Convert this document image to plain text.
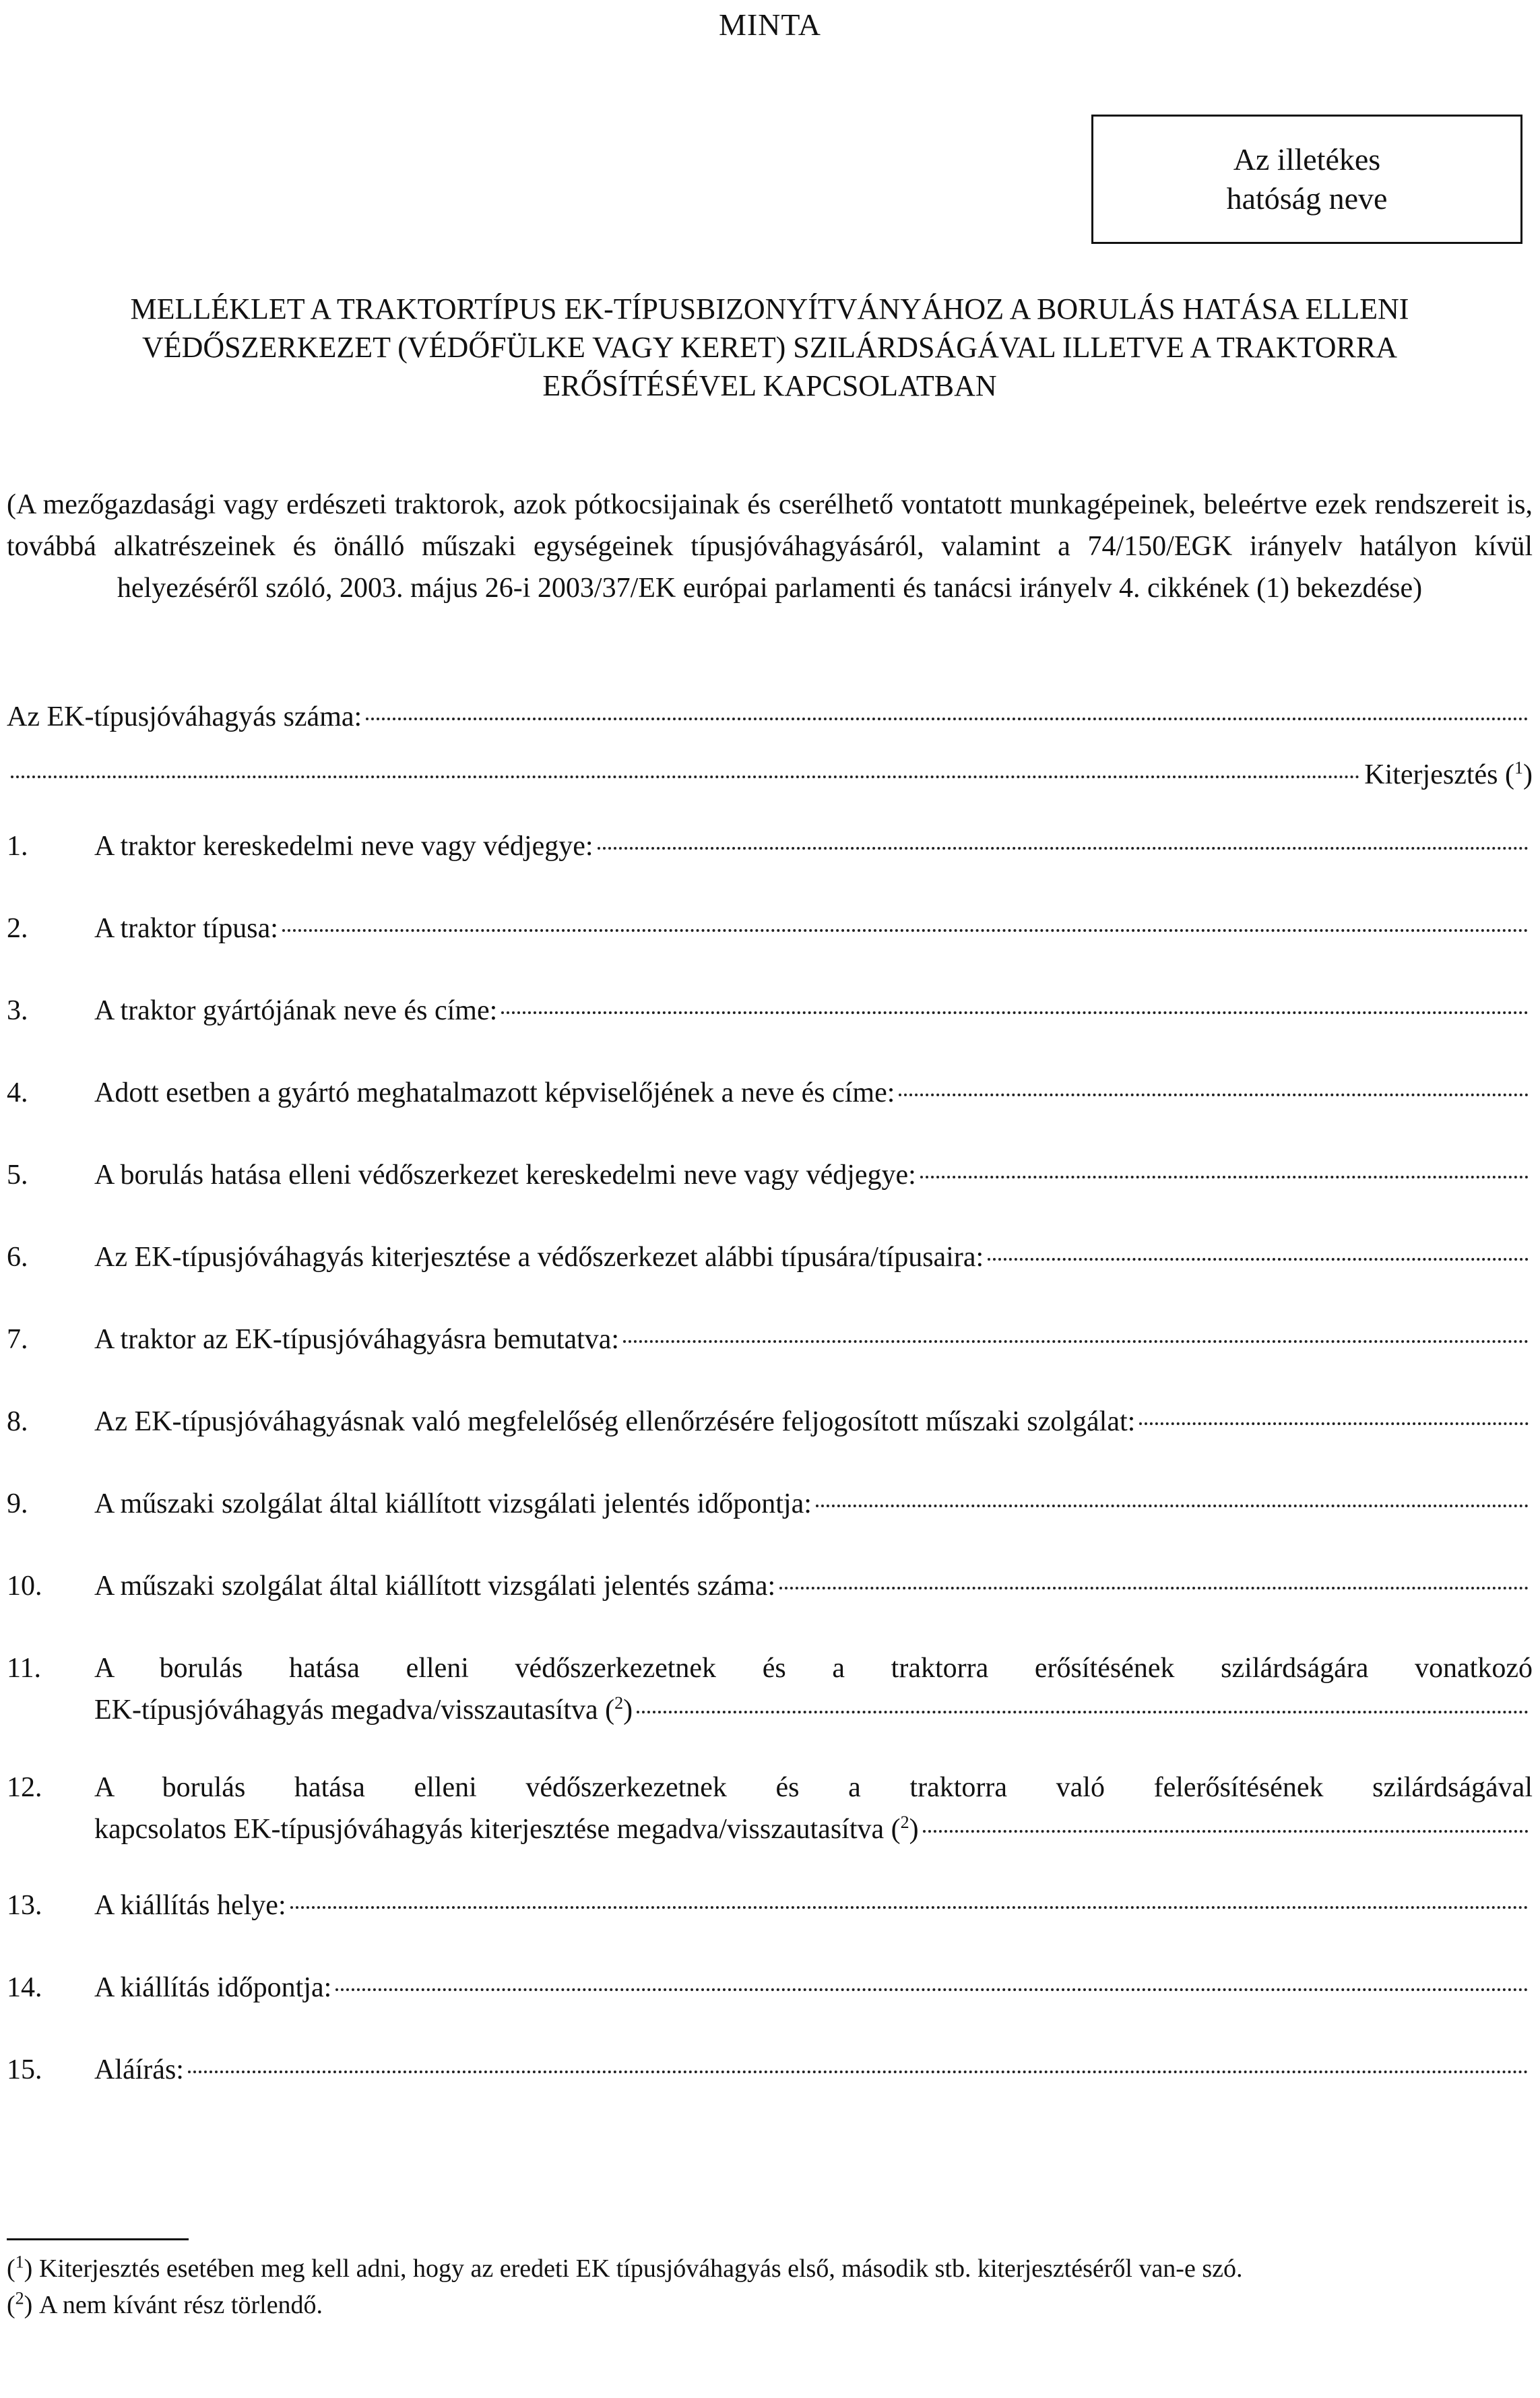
MINTA
Az illetékes
hatóság neve
MELLÉKLET A TRAKTORTÍPUS EK-TÍPUSBIZONYÍTVÁNYÁHOZ A BORULÁS HATÁSA ELLENI
VÉDŐSZERKEZET (VÉDŐFÜLKE VAGY KERET) SZILÁRDSÁGÁVAL ILLETVE A TRAKTORRA
ERŐSÍTÉSÉVEL KAPCSOLATBAN
(A mezőgazdasági vagy erdészeti traktorok, azok pótkocsijainak és cserélhető vontatott munkagépeinek, beleértve ezek rendszereit is, továbbá alkatrészeinek és önálló műszaki egységeinek típusjóváhagyásáról, valamint a 74/150/EGK irányelv hatályon kívül helyezéséről szóló, 2003. május 26-i 2003/37/EK európai parlamenti és tanácsi irányelv 4. cikkének (1) bekezdése)
Az EK-típusjóváhagyás száma:
Kiterjesztés ($^1$)
1.	A traktor kereskedelmi neve vagy védjegye:
2.	A traktor típusa:
3.	A traktor gyártójának neve és címe:
4.	Adott esetben a gyártó meghatalmazott képviselőjének a neve és címe:
5.	A borulás hatása elleni védőszerkezet kereskedelmi neve vagy védjegye:
6.	Az EK-típusjóváhagyás kiterjesztése a védőszerkezet alábbi típusára/típusaira:
7.	A traktor az EK-típusjóváhagyásra bemutatva:
8.	Az EK-típusjóváhagyásnak való megfelelőség ellenőrzésére feljogosított műszaki szolgálat:
9.	A műszaki szolgálat által kiállított vizsgálati jelentés időpontja:
10.	A műszaki szolgálat által kiállított vizsgálati jelentés száma:
11.	A borulás hatása elleni védőszerkezetnek és a traktorra erősítésének szilárdságára vonatkozó
EK-típusjóváhagyás megadva/visszautasítva ($^2$)
12.	A borulás hatása elleni védőszerkezetnek és a traktorra való felerősítésének szilárdságával
kapcsolatos EK-típusjóváhagyás kiterjesztése megadva/visszautasítva ($^2$)
13.	A kiállítás helye:
14.	A kiállítás időpontja:
15.	Aláírás:
($^1$) Kiterjesztés esetében meg kell adni, hogy az eredeti EK típusjóváhagyás első, második stb. kiterjesztéséről van-e szó.
($^2$) A nem kívánt rész törlendő.
